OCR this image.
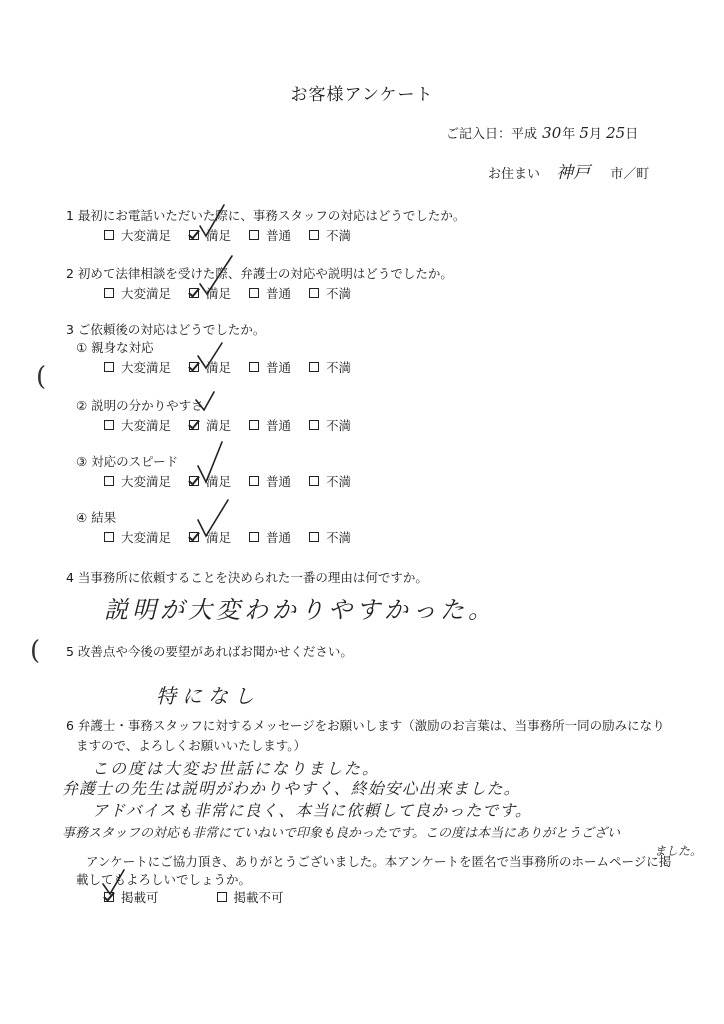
お客様アンケート
ご記入日：平成 30年 5月 25日
お住まい 神戸 市／町
1 最初にお電話いただいた際に、事務スタッフの対応はどうでしたか。
大変満足	満足	普通	不満
2 初めて法律相談を受けた際、弁護士の対応や説明はどうでしたか。
大変満足	満足	普通	不満
3 ご依頼後の対応はどうでしたか。
① 親身な対応
大変満足	満足	普通	不満
② 説明の分かりやすさ
大変満足	満足	普通	不満
③ 対応のスピード
大変満足	満足	普通	不満
④ 結果
大変満足	満足	普通	不満
(
(
4 当事務所に依頼することを決められた一番の理由は何ですか。
説明が大変わかりやすかった。
5 改善点や今後の要望があればお聞かせください。
特になし
6 弁護士・事務スタッフに対するメッセージをお願いします（激励のお言葉は、当事務所一同の励みになり
ますので、よろしくお願いいたします。）
この度は大変お世話になりました。
弁護士の先生は説明がわかりやすく、終始安心出来ました。
アドバイスも非常に良く、本当に依頼して良かったです。
事務スタッフの対応も非常にていねいで印象も良かったです。この度は本当にありがとうござい
ました。
アンケートにご協力頂き、ありがとうございました。本アンケートを匿名で当事務所のホームページに掲
載してもよろしいでしょうか。
掲載可	掲載不可
